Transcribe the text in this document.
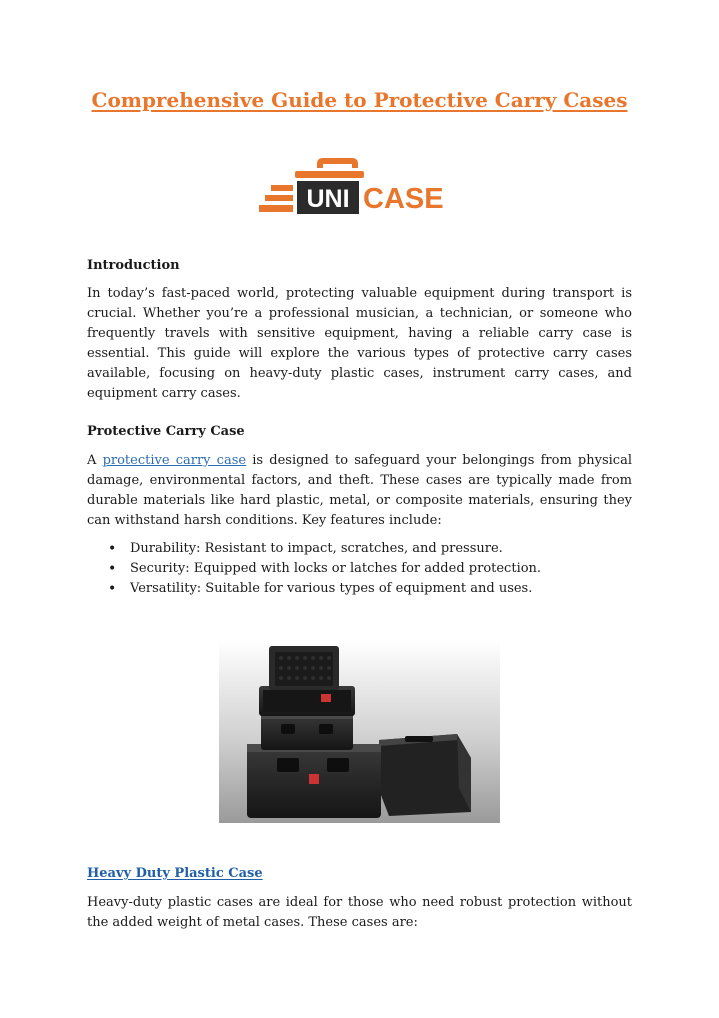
Comprehensive Guide to Protective Carry Cases
UNI CASE
Introduction
In today’s fast-paced world, protecting valuable equipment during transport is crucial. Whether you’re a professional musician, a technician, or someone who frequently travels with sensitive equipment, having a reliable carry case is essential. This guide will explore the various types of protective carry cases available, focusing on heavy-duty plastic cases, instrument carry cases, and equipment carry cases.
Protective Carry Case
A protective carry case is designed to safeguard your belongings from physical damage, environmental factors, and theft. These cases are typically made from durable materials like hard plastic, metal, or composite materials, ensuring they can withstand harsh conditions. Key features include:
• Durability: Resistant to impact, scratches, and pressure.
• Security: Equipped with locks or latches for added protection.
• Versatility: Suitable for various types of equipment and uses.
Heavy Duty Plastic Case
Heavy-duty plastic cases are ideal for those who need robust protection without the added weight of metal cases. These cases are:
